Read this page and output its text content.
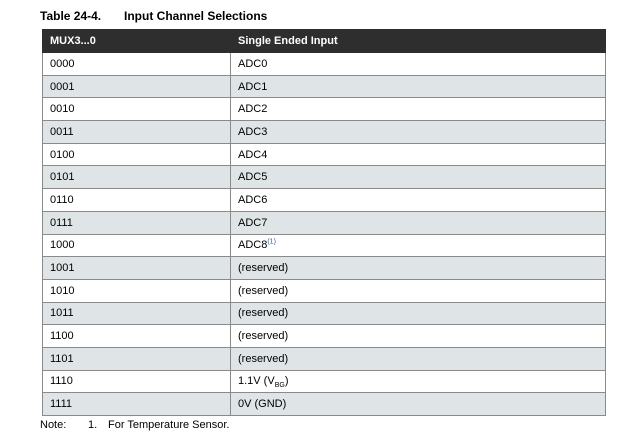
Table 24-4. Input Channel Selections
MUX3...0	Single Ended Input
0000	ADC0
0001	ADC1
0010	ADC2
0011	ADC3
0100	ADC4
0101	ADC5
0110	ADC6
0111	ADC7
1000	ADC8$^{(1)}$
1001	(reserved)
1010	(reserved)
1011	(reserved)
1100	(reserved)
1101	(reserved)
1110	1.1V $(V_{BG})$
1111	0V (GND)
Note: 1. For Temperature Sensor.
